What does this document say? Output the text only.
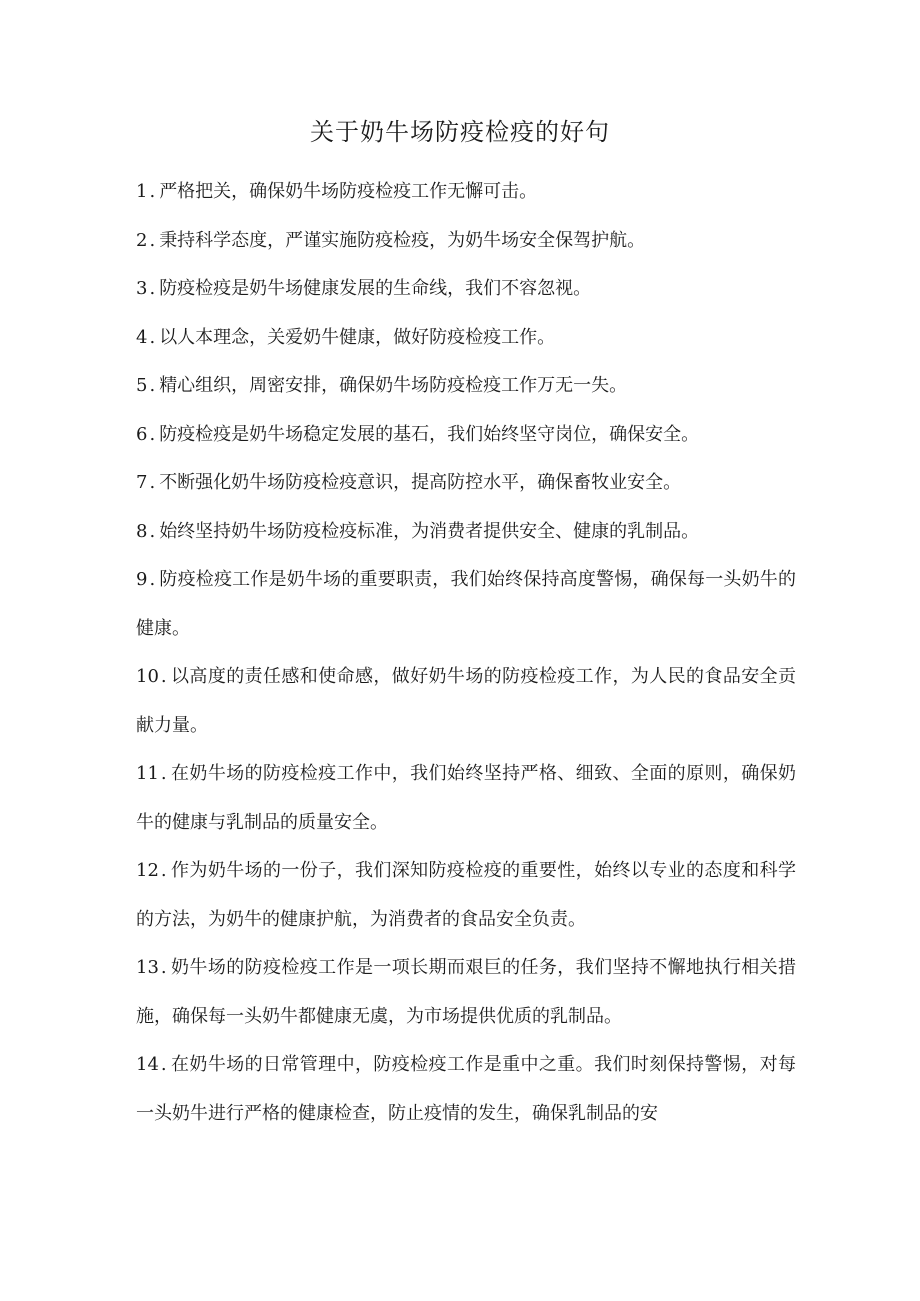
关于奶牛场防疫检疫的好句

1 . 严格把关，确保奶牛场防疫检疫工作无懈可击。

2 . 秉持科学态度，严谨实施防疫检疫，为奶牛场安全保驾护航。

3 . 防疫检疫是奶牛场健康发展的生命线，我们不容忽视。

4 . 以人本理念，关爱奶牛健康，做好防疫检疫工作。

5 . 精心组织，周密安排，确保奶牛场防疫检疫工作万无一失。

6 . 防疫检疫是奶牛场稳定发展的基石，我们始终坚守岗位，确保安全。

7 . 不断强化奶牛场防疫检疫意识，提高防控水平，确保畜牧业安全。

8 . 始终坚持奶牛场防疫检疫标准，为消费者提供安全、健康的乳制品。

9 . 防疫检疫工作是奶牛场的重要职责，我们始终保持高度警惕，确保每一头奶牛的健康。

10 . 以高度的责任感和使命感，做好奶牛场的防疫检疫工作，为人民的食品安全贡献力量。

11 . 在奶牛场的防疫检疫工作中，我们始终坚持严格、细致、全面的原则，确保奶牛的健康与乳制品的质量安全。

12 . 作为奶牛场的一份子，我们深知防疫检疫的重要性，始终以专业的态度和科学的方法，为奶牛的健康护航，为消费者的食品安全负责。

13 . 奶牛场的防疫检疫工作是一项长期而艰巨的任务，我们坚持不懈地执行相关措施，确保每一头奶牛都健康无虞，为市场提供优质的乳制品。

14 . 在奶牛场的日常管理中，防疫检疫工作是重中之重。我们时刻保持警惕，对每一头奶牛进行严格的健康检查，防止疫情的发生，确保乳制品的安
